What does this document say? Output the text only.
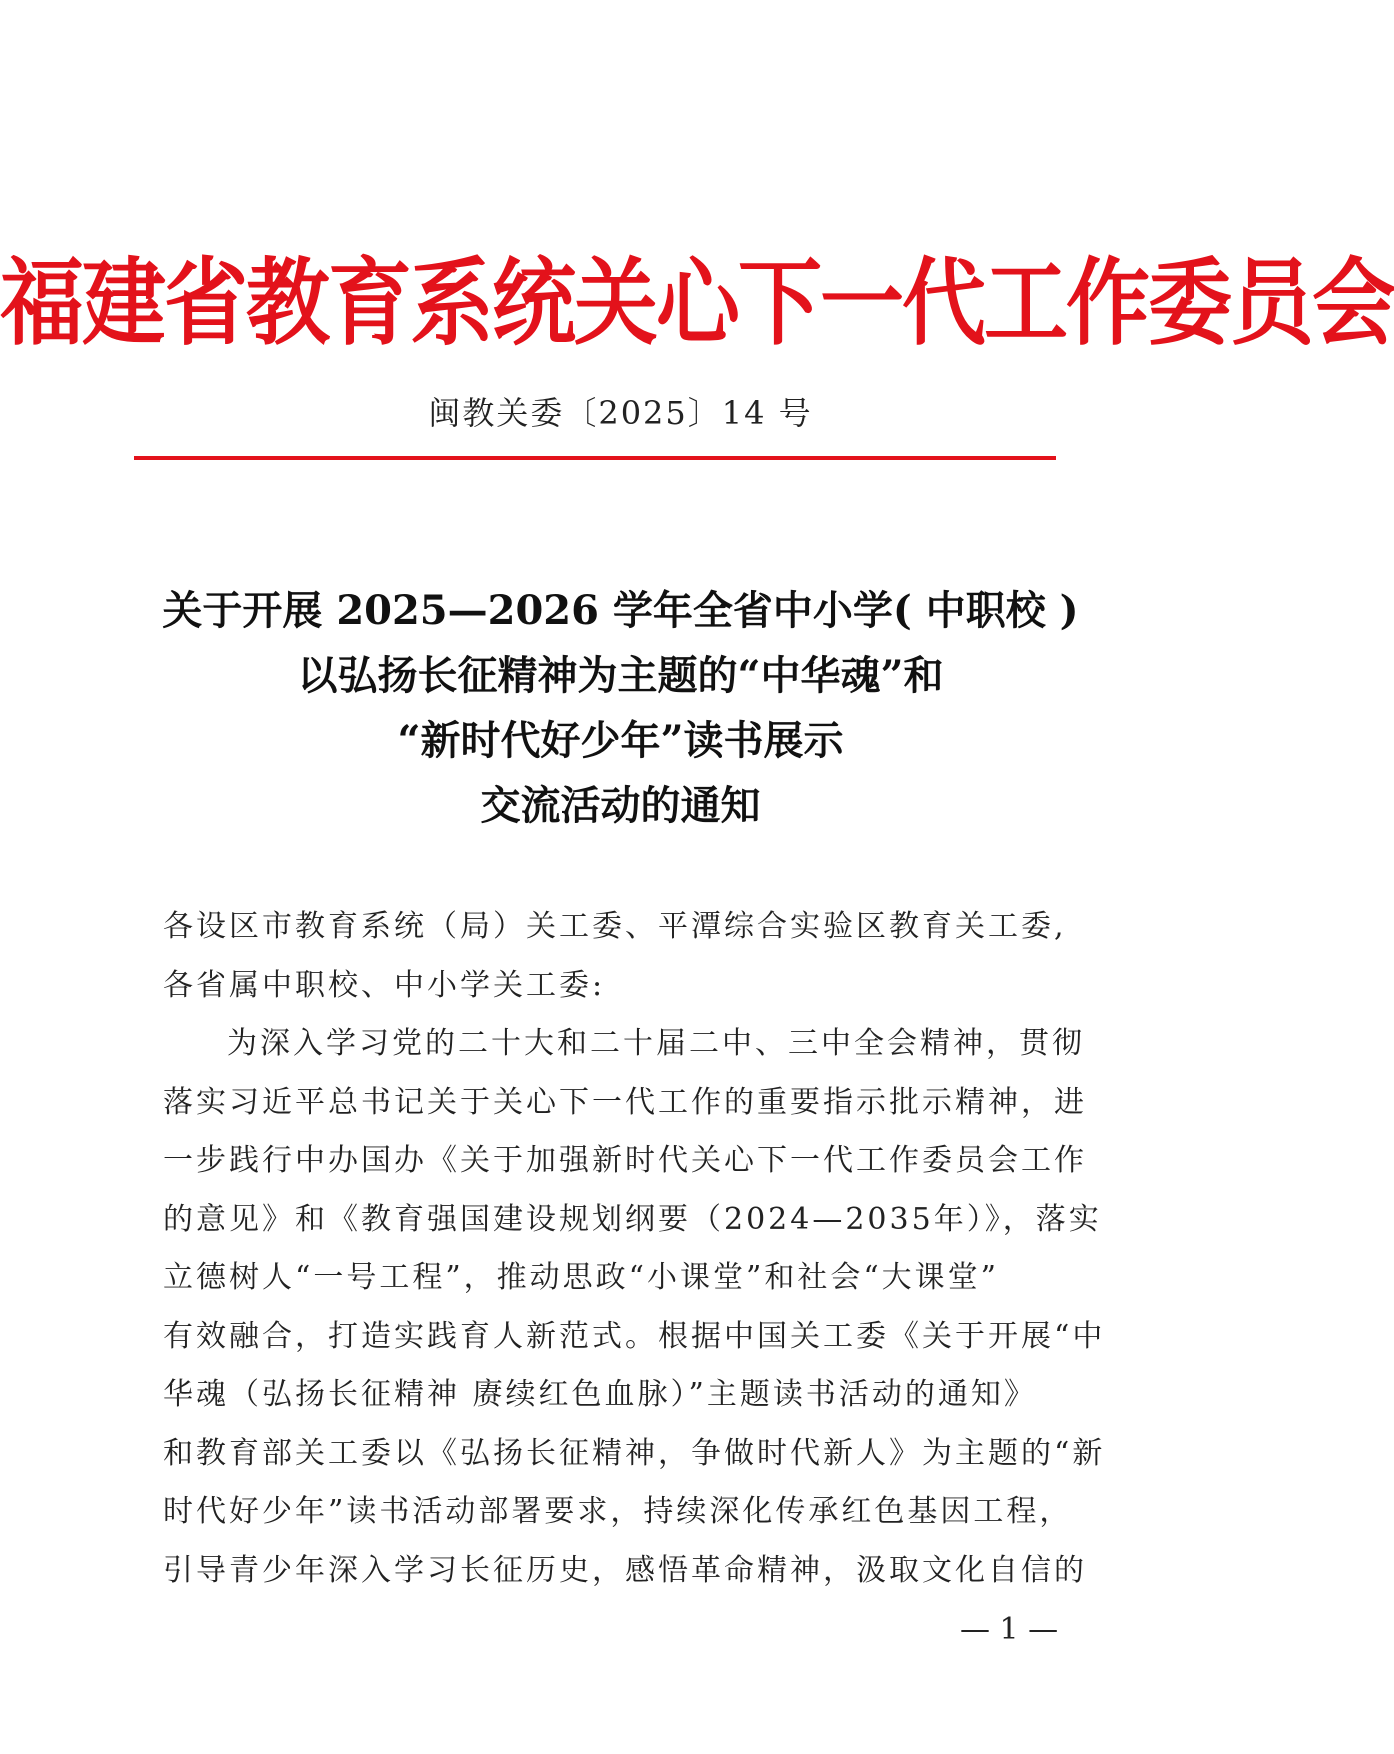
福建省教育系统关心下一代工作委员会
闽教关委〔2025〕14 号
关于开展 2025—2026 学年全省中小学( 中职校 )
以弘扬长征精神为主题的“中华魂”和
“新时代好少年”读书展示
交流活动的通知
各设区市教育系统（局）关工委、平潭综合实验区教育关工委,
各省属中职校、中小学关工委:
为深入学习党的二十大和二十届二中、三中全会精神，贯彻
落实习近平总书记关于关心下一代工作的重要指示批示精神，进
一步践行中办国办《关于加强新时代关心下一代工作委员会工作
的意见》和《教育强国建设规划纲要（2024—2035年）》，落实
立德树人“一号工程”，推动思政“小课堂”和社会“大课堂”
有效融合，打造实践育人新范式。根据中国关工委《关于开展“中
华魂（弘扬长征精神 赓续红色血脉）”主题读书活动的通知》
和教育部关工委以《弘扬长征精神，争做时代新人》为主题的“新
时代好少年”读书活动部署要求，持续深化传承红色基因工程，
引导青少年深入学习长征历史，感悟革命精神，汲取文化自信的
— 1 —
